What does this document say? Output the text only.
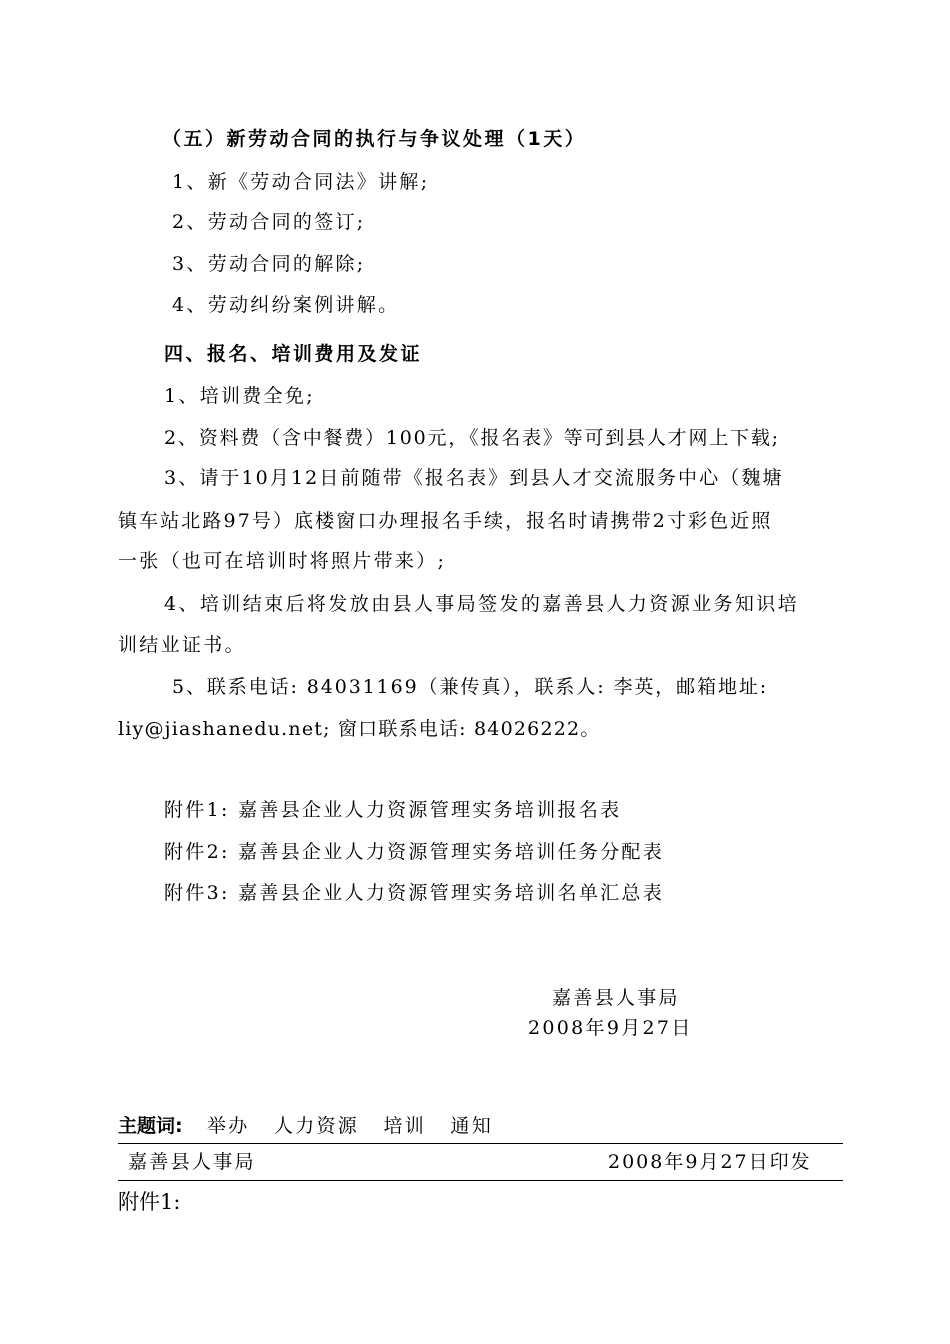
（五）新劳动合同的执行与争议处理（1天）
1、新《劳动合同法》讲解;
2、劳动合同的签订;
3、劳动合同的解除;
4、劳动纠纷案例讲解。
四、报名、培训费用及发证
1、培训费全免;
2、资料费（含中餐费）100元，《报名表》等可到县人才网上下载;
3、请于10月12日前随带《报名表》到县人才交流服务中心（魏塘
镇车站北路97号）底楼窗口办理报名手续，报名时请携带2寸彩色近照
一张（也可在培训时将照片带来）;
4、培训结束后将发放由县人事局签发的嘉善县人力资源业务知识培
训结业证书。
5、联系电话: 84031169（兼传真），联系人: 李英，邮箱地址:
liy@jiashanedu.net; 窗口联系电话: 84026222。
附件1: 嘉善县企业人力资源管理实务培训报名表
附件2: 嘉善县企业人力资源管理实务培训任务分配表
附件3: 嘉善县企业人力资源管理实务培训名单汇总表
嘉善县人事局
2008年9月27日
主题词: 举办 人力资源 培训 通知
嘉善县人事局	2008年9月27日印发
附件1:
